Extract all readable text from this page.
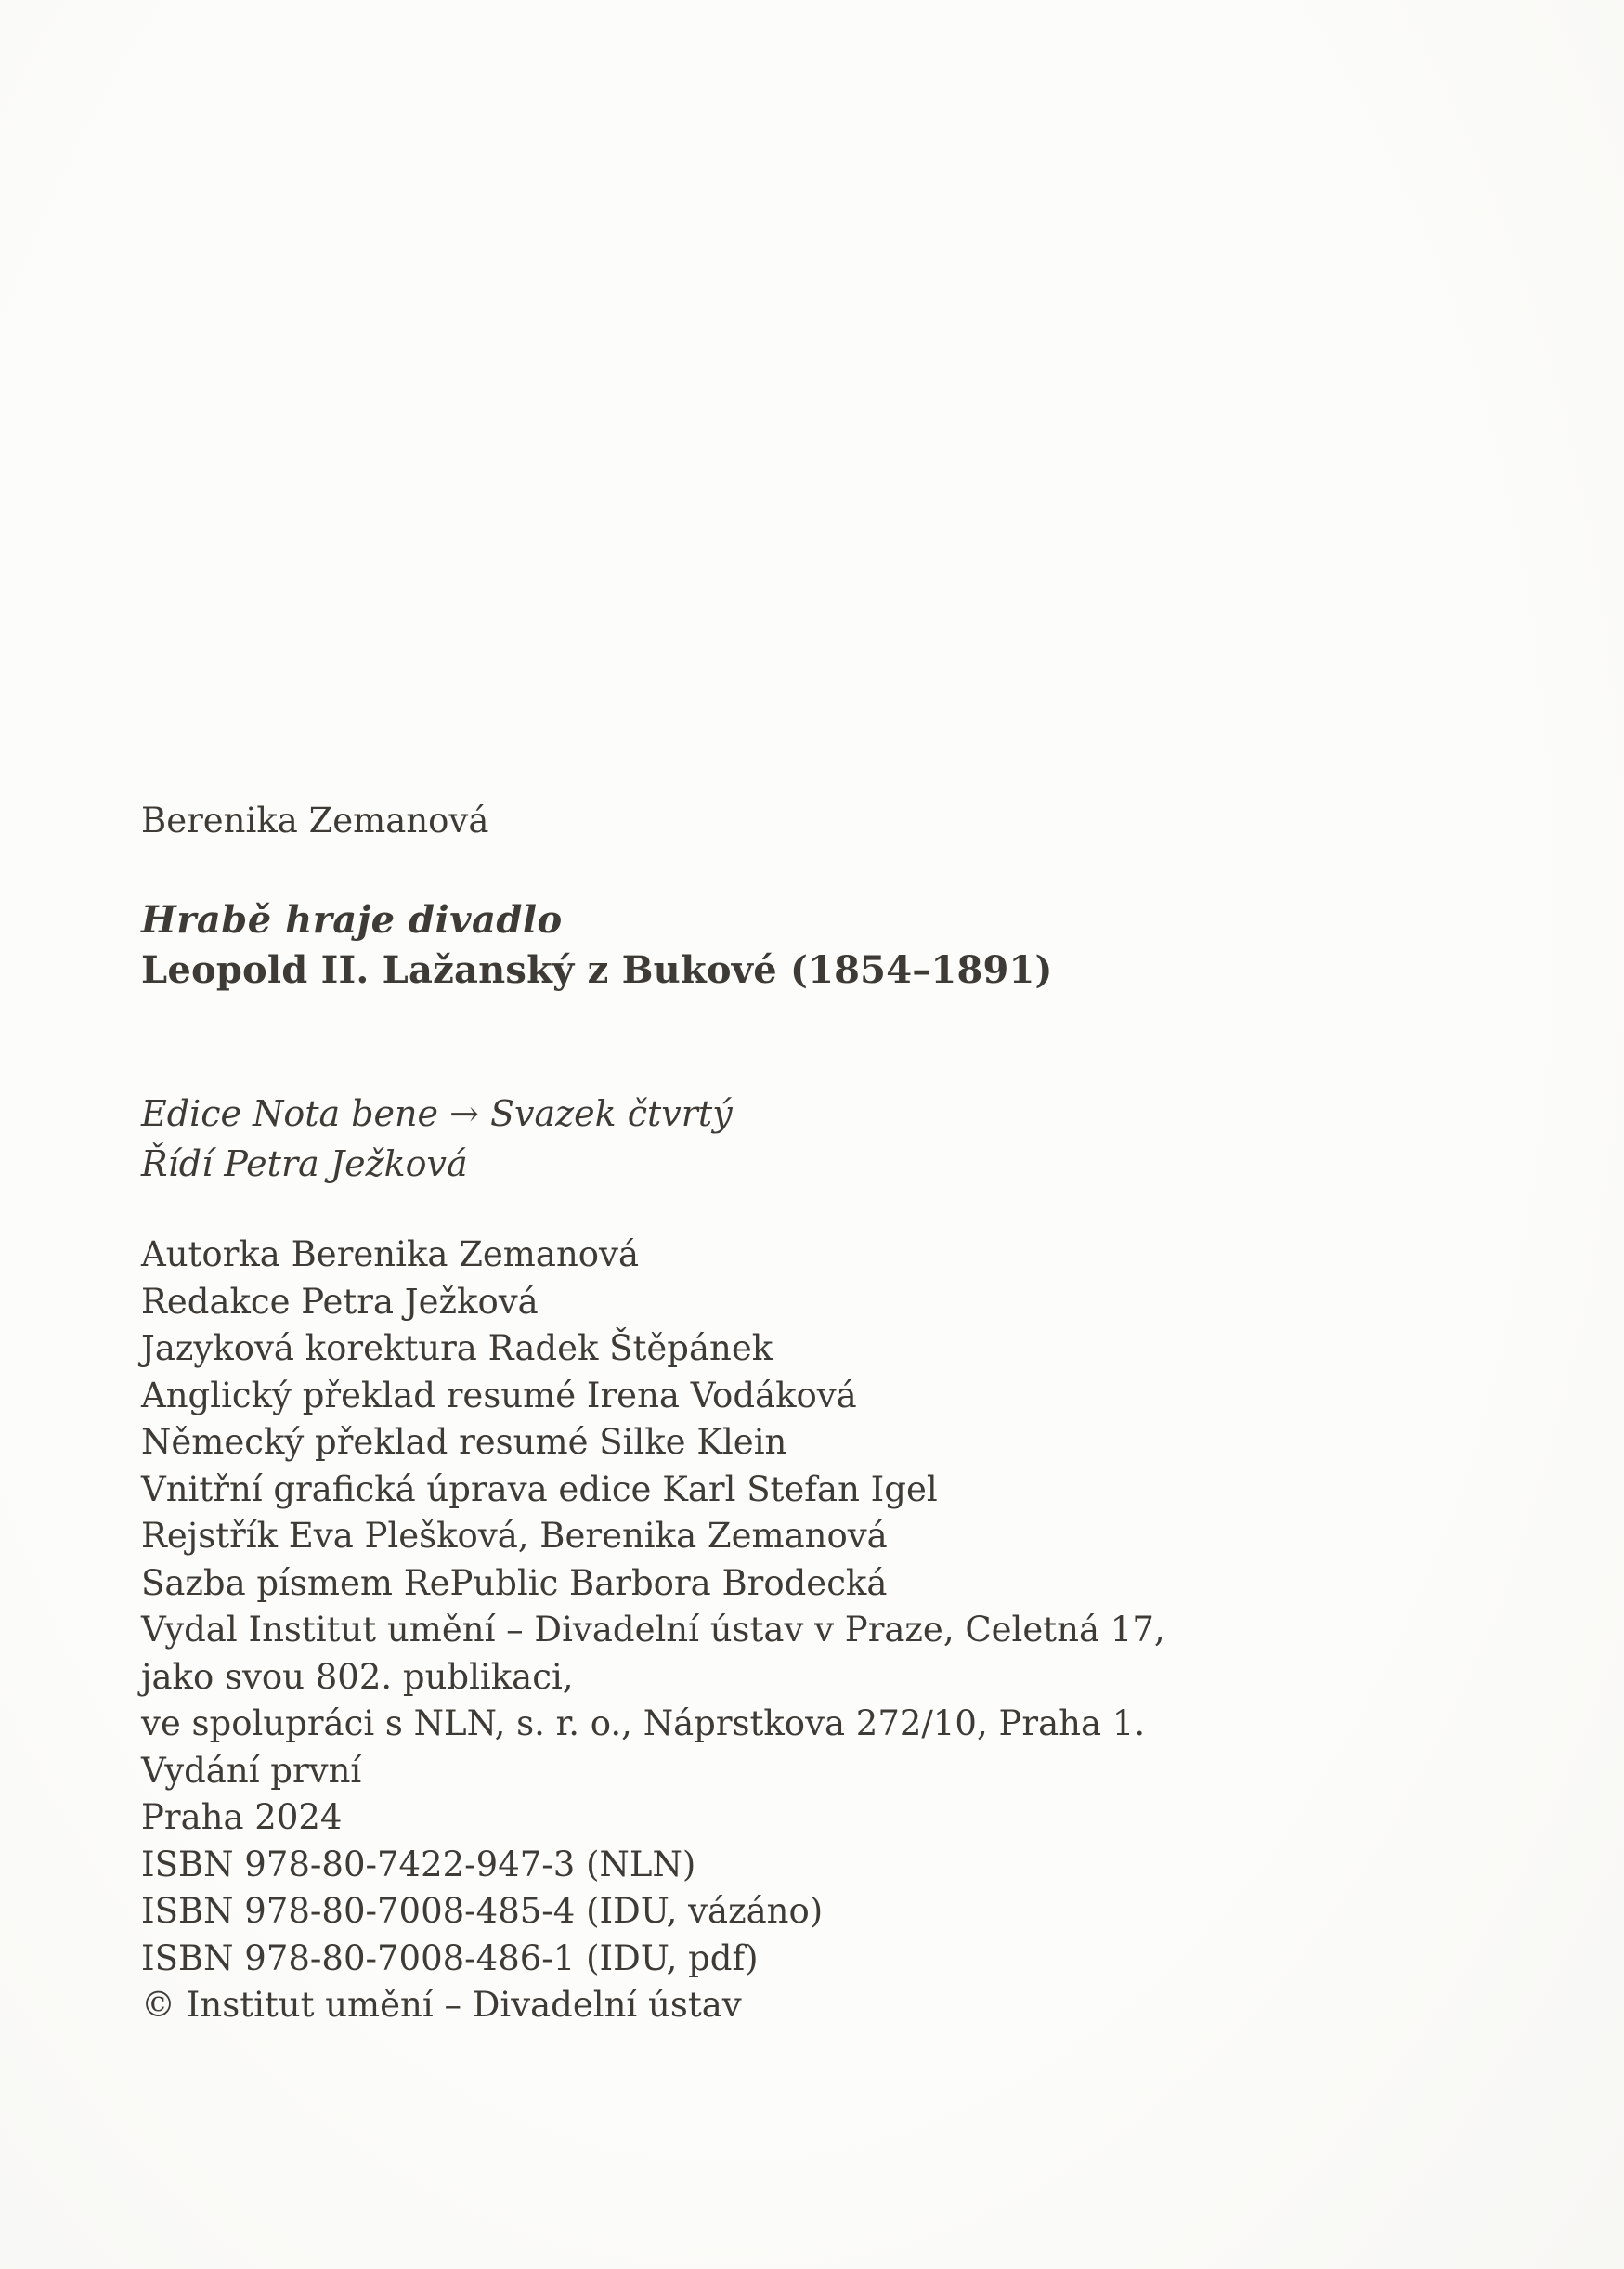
Berenika Zemanová

Hrabě hraje divadlo

Leopold II. Lažanský z Bukové (1854–1891)

Edice Nota bene → Svazek čtvrtý

Řídí Petra Ježková

Autorka Berenika Zemanová

Redakce Petra Ježková

Jazyková korektura Radek Štěpánek

Anglický překlad resumé Irena Vodáková

Německý překlad resumé Silke Klein

Vnitřní grafická úprava edice Karl Stefan Igel

Rejstřík Eva Plešková, Berenika Zemanová

Sazba písmem RePublic Barbora Brodecká

Vydal Institut umění – Divadelní ústav v Praze, Celetná 17,

jako svou 802. publikaci,

ve spolupráci s NLN, s. r. o., Náprstkova 272/10, Praha 1.

Vydání první

Praha 2024

ISBN 978-80-7422-947-3 (NLN)

ISBN 978-80-7008-485-4 (IDU, vázáno)

ISBN 978-80-7008-486-1 (IDU, pdf)

© Institut umění – Divadelní ústav
